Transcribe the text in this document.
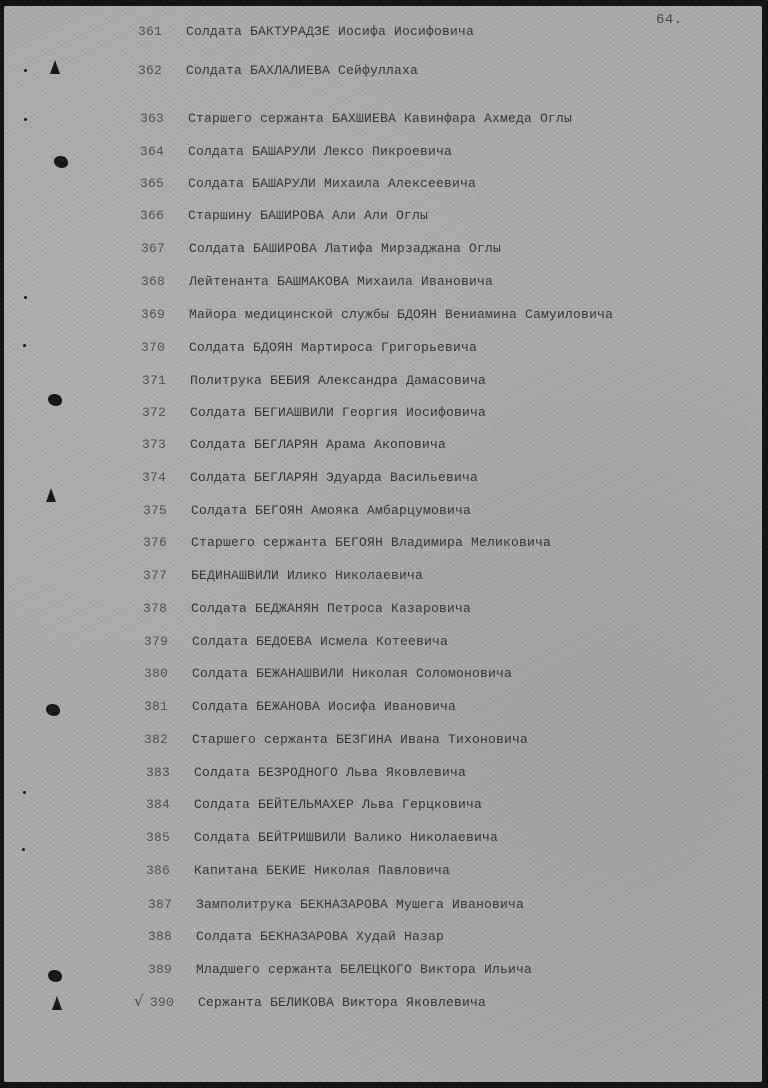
64.
361 Солдата БАКТУРАДЗЕ Иосифа Иосифовича
362 Солдата БАХЛАЛИЕВА Сейфуллаха
363 Старшего сержанта БАХШИЕВА Кавинфара Ахмеда Оглы
364 Солдата БАШАРУЛИ Лексо Пикроевича
365 Солдата БАШАРУЛИ Михаила Алексеевича
366 Старшину БАШИРОВА Али Али Оглы
367 Солдата БАШИРОВА Латифа Мирзаджана Оглы
368 Лейтенанта БАШМАКОВА Михаила Ивановича
369 Майора медицинской службы БДОЯН Вениамина Самуиловича
370 Солдата БДОЯН Мартироса Григорьевича
371 Политрука БЕБИЯ Александра Дамасовича
372 Солдата БЕГИАШВИЛИ Георгия Иосифовича
373 Солдата БЕГЛАРЯН Арама Акоповича
374 Солдата БЕГЛАРЯН Эдуарда Васильевича
375 Солдата БЕГОЯН Амояка Амбарцумовича
376 Старшего сержанта БЕГОЯН Владимира Меликовича
377 БЕДИНАШВИЛИ Илико Николаевича
378 Солдата БЕДЖАНЯН Петроса Казаровича
379 Солдата БЕДОЕВА Исмела Котеевича
380 Солдата БЕЖАНАШВИЛИ Николая Соломоновича
381 Солдата БЕЖАНОВА Иосифа Ивановича
382 Старшего сержанта БЕЗГИНА Ивана Тихоновича
383 Солдата БЕЗРОДНОГО Льва Яковлевича
384 Солдата БЕЙТЕЛЬМАХЕР Льва Герцковича
385 Солдата БЕЙТРИШВИЛИ Валико Николаевича
386 Капитана БЕКИЕ Николая Павловича
387 Замполитрука БЕКНАЗАРОВА Мушега Ивановича
388 Солдата БЕКНАЗАРОВА Худай Назар
389 Младшего сержанта БЕЛЕЦКОГО Виктора Ильича
390 Сержанта БЕЛИКОВА Виктора Яковлевича
√
